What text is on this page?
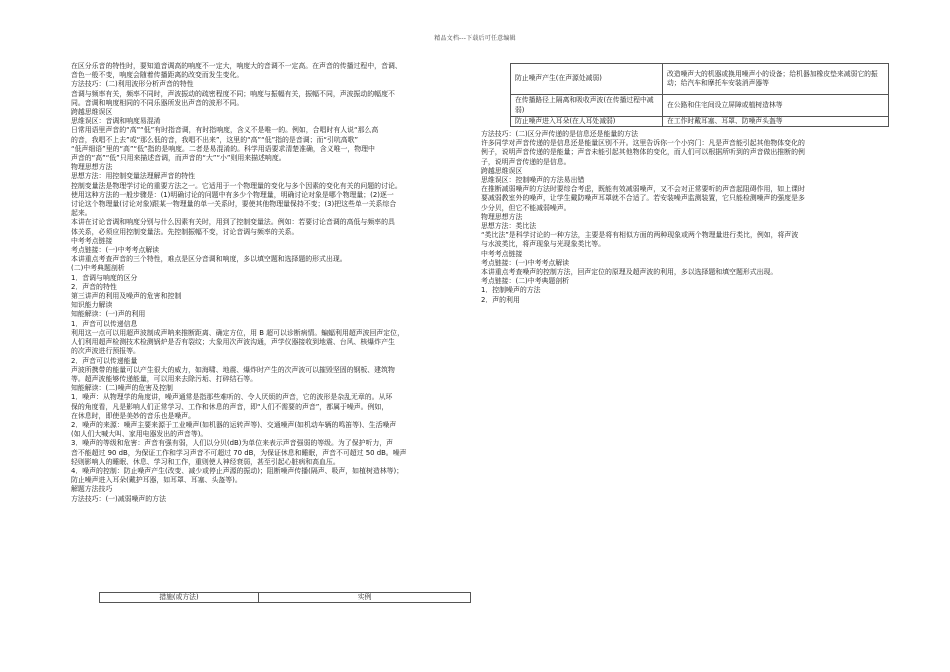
精品文档---下载后可任意编辑

在区分乐音的特性时，要知道音调高的响度不一定大，响度大的音调不一定高。在声音的传播过程中，音调、

音色一般不变，响度会随着传播距离的改变而发生变化。

方法技巧：(二)利用波形分析声音的特性

音调与频率有关，频率不同时，声波振动的疏密程度不同；响度与振幅有关，振幅不同，声波振动的幅度不

同。音调和响度相同的不同乐器所发出声音的波形不同。

跨越思维误区

思维误区：音调和响度易混淆

日常用语里声音的“高”“低”有时指音调，有时指响度，含义不是唯一的。例如，合唱时有人说“那么高

的音，我唱不上去”或“那么低的音，我唱不出来”，这里的“高”“低”指的是音调；而“引吭高歌”

“低声细语”里的“高”“低”指的是响度。二者是易混淆的。科学用语要求清楚准确，含义唯一，物理中

声音的“高”“低”只用来描述音调，而声音的“大”“小”则用来描述响度。

物理思想方法

思想方法：用控制变量法理解声音的特性

控制变量法是物理学讨论的重要方法之一。它适用于一个物理量的变化与多个因素的变化有关的问题的讨论。

使用这种方法的一般步骤是：(1)明确讨论的问题中有多少个物理量，明确讨论对象是哪个物理量；(2)逐一

讨论这个物理量(讨论对象)跟某一物理量的单一关系时，要使其他物理量保持不变；(3)把这些单一关系综合

起来。

本讲在讨论音调和响度分别与什么因素有关时，用到了控制变量法。例如：若要讨论音调的高低与频率的具

体关系，必须应用控制变量法。先控制振幅不变，讨论音调与频率的关系。

中考考点链接

考点链接：(一)中考考点解读

本讲重点考查声音的三个特性，难点是区分音调和响度，多以填空题和选择题的形式出现。

(二)中考典题剖析

1．音调与响度的区分

2．声音的特性

第三讲声的利用及噪声的危害和控制

知识能力解读

知能解读：(一)声的利用

1．声音可以传递信息

利用这一点可以用超声波制成声呐来推断距离、确定方位，用 B 超可以诊断病情。蝙蝠利用超声波回声定位，

人们利用超声检测技术检测锅炉是否有裂纹；大象用次声波沟通，声学仪器接收到地震、台风、核爆炸产生

的次声波进行预报等。

2．声音可以传递能量

声波所携带的能量可以产生很大的威力，如海啸、地震、爆炸时产生的次声波可以摧毁坚固的钢板、建筑物

等。超声波能够传递能量，可以用来去除污垢、打碎结石等。

知能解读：(二)噪声的危害及控制

1．噪声：从物理学的角度讲，噪声通常是指那些难听的、令人厌烦的声音，它的波形是杂乱无章的。从环

保的角度看，凡是影响人们正常学习、工作和休息的声音，即“人们不需要的声音”，都属于噪声。例如，

在休息时，即使是美妙的音乐也是噪声。

2．噪声的来源：噪声主要来源于工业噪声(如机器的运转声等)、交通噪声(如机动车辆的鸣笛等)、生活噪声

(如人们大喊大叫、家用电器发出的声音等)。

3．噪声的等级和危害：声音有强有弱，人们以分贝(dB)为单位来表示声音强弱的等级。为了保护听力，声

音不能超过 90 dB，为保证工作和学习声音不可超过 70 dB，为保证休息和睡眠，声音不可超过 50 dB。噪声

轻则影响人的睡眠、休息、学习和工作，重则使人神经衰弱，甚至引起心脏病和高血压。

4．噪声的控制：防止噪声产生(改变、减少或停止声源的振动)；阻断噪声传播(隔声、吸声，如植树造林等)；

防止噪声进入耳朵(戴护耳器，如耳罩、耳塞、头盔等)。

解题方法技巧

方法技巧：(一)减弱噪声的方法

措施(或方法)	实例
防止噪声产生(在声源处减弱)	改造噪声大的机器或换用噪声小的设备；给机器加橡皮垫来减弱它的振动；给汽车和摩托车安装消声器等
在传播路径上隔离和吸收声波(在传播过程中减弱)	在公路和住宅间设立屏障或植树造林等
防止噪声进入耳朵(在人耳处减弱)	在工作时戴耳塞、耳罩、防噪声头盔等

方法技巧：(二)区分声传递的是信息还是能量的方法

许多同学对声音传递的是信息还是能量区别不开。这里告诉你一个小窍门：凡是声音能引起其他物体变化的

例子，说明声音传递的是能量；声音未能引起其他物体的变化，而人们可以根据所听到的声音做出推断的例

子，说明声音传递的是信息。

跨越思维误区

思维误区：控制噪声的方法易出错

在推断减弱噪声的方法时要综合考虑，既能有效减弱噪声，又不会对正常要听的声音起阻碍作用，如上课时

要减弱教室外的噪声，让学生戴防噪声耳罩就不合适了。若安装噪声监测装置，它只能检测噪声的强度是多

少分贝，但它不能减弱噪声。

物理思想方法

思想方法：类比法

“类比法”是科学讨论的一种方法，主要是将有相似方面的两种现象或两个物理量进行类比，例如，将声波

与水波类比，将声现象与光现象类比等。

中考考点链接

考点链接：(一)中考考点解读

本讲重点考查噪声的控制方法，回声定位的原理及超声波的利用，多以选择题和填空题形式出现。

考点链接：(二)中考典题剖析

1．控制噪声的方法

2．声的利用
